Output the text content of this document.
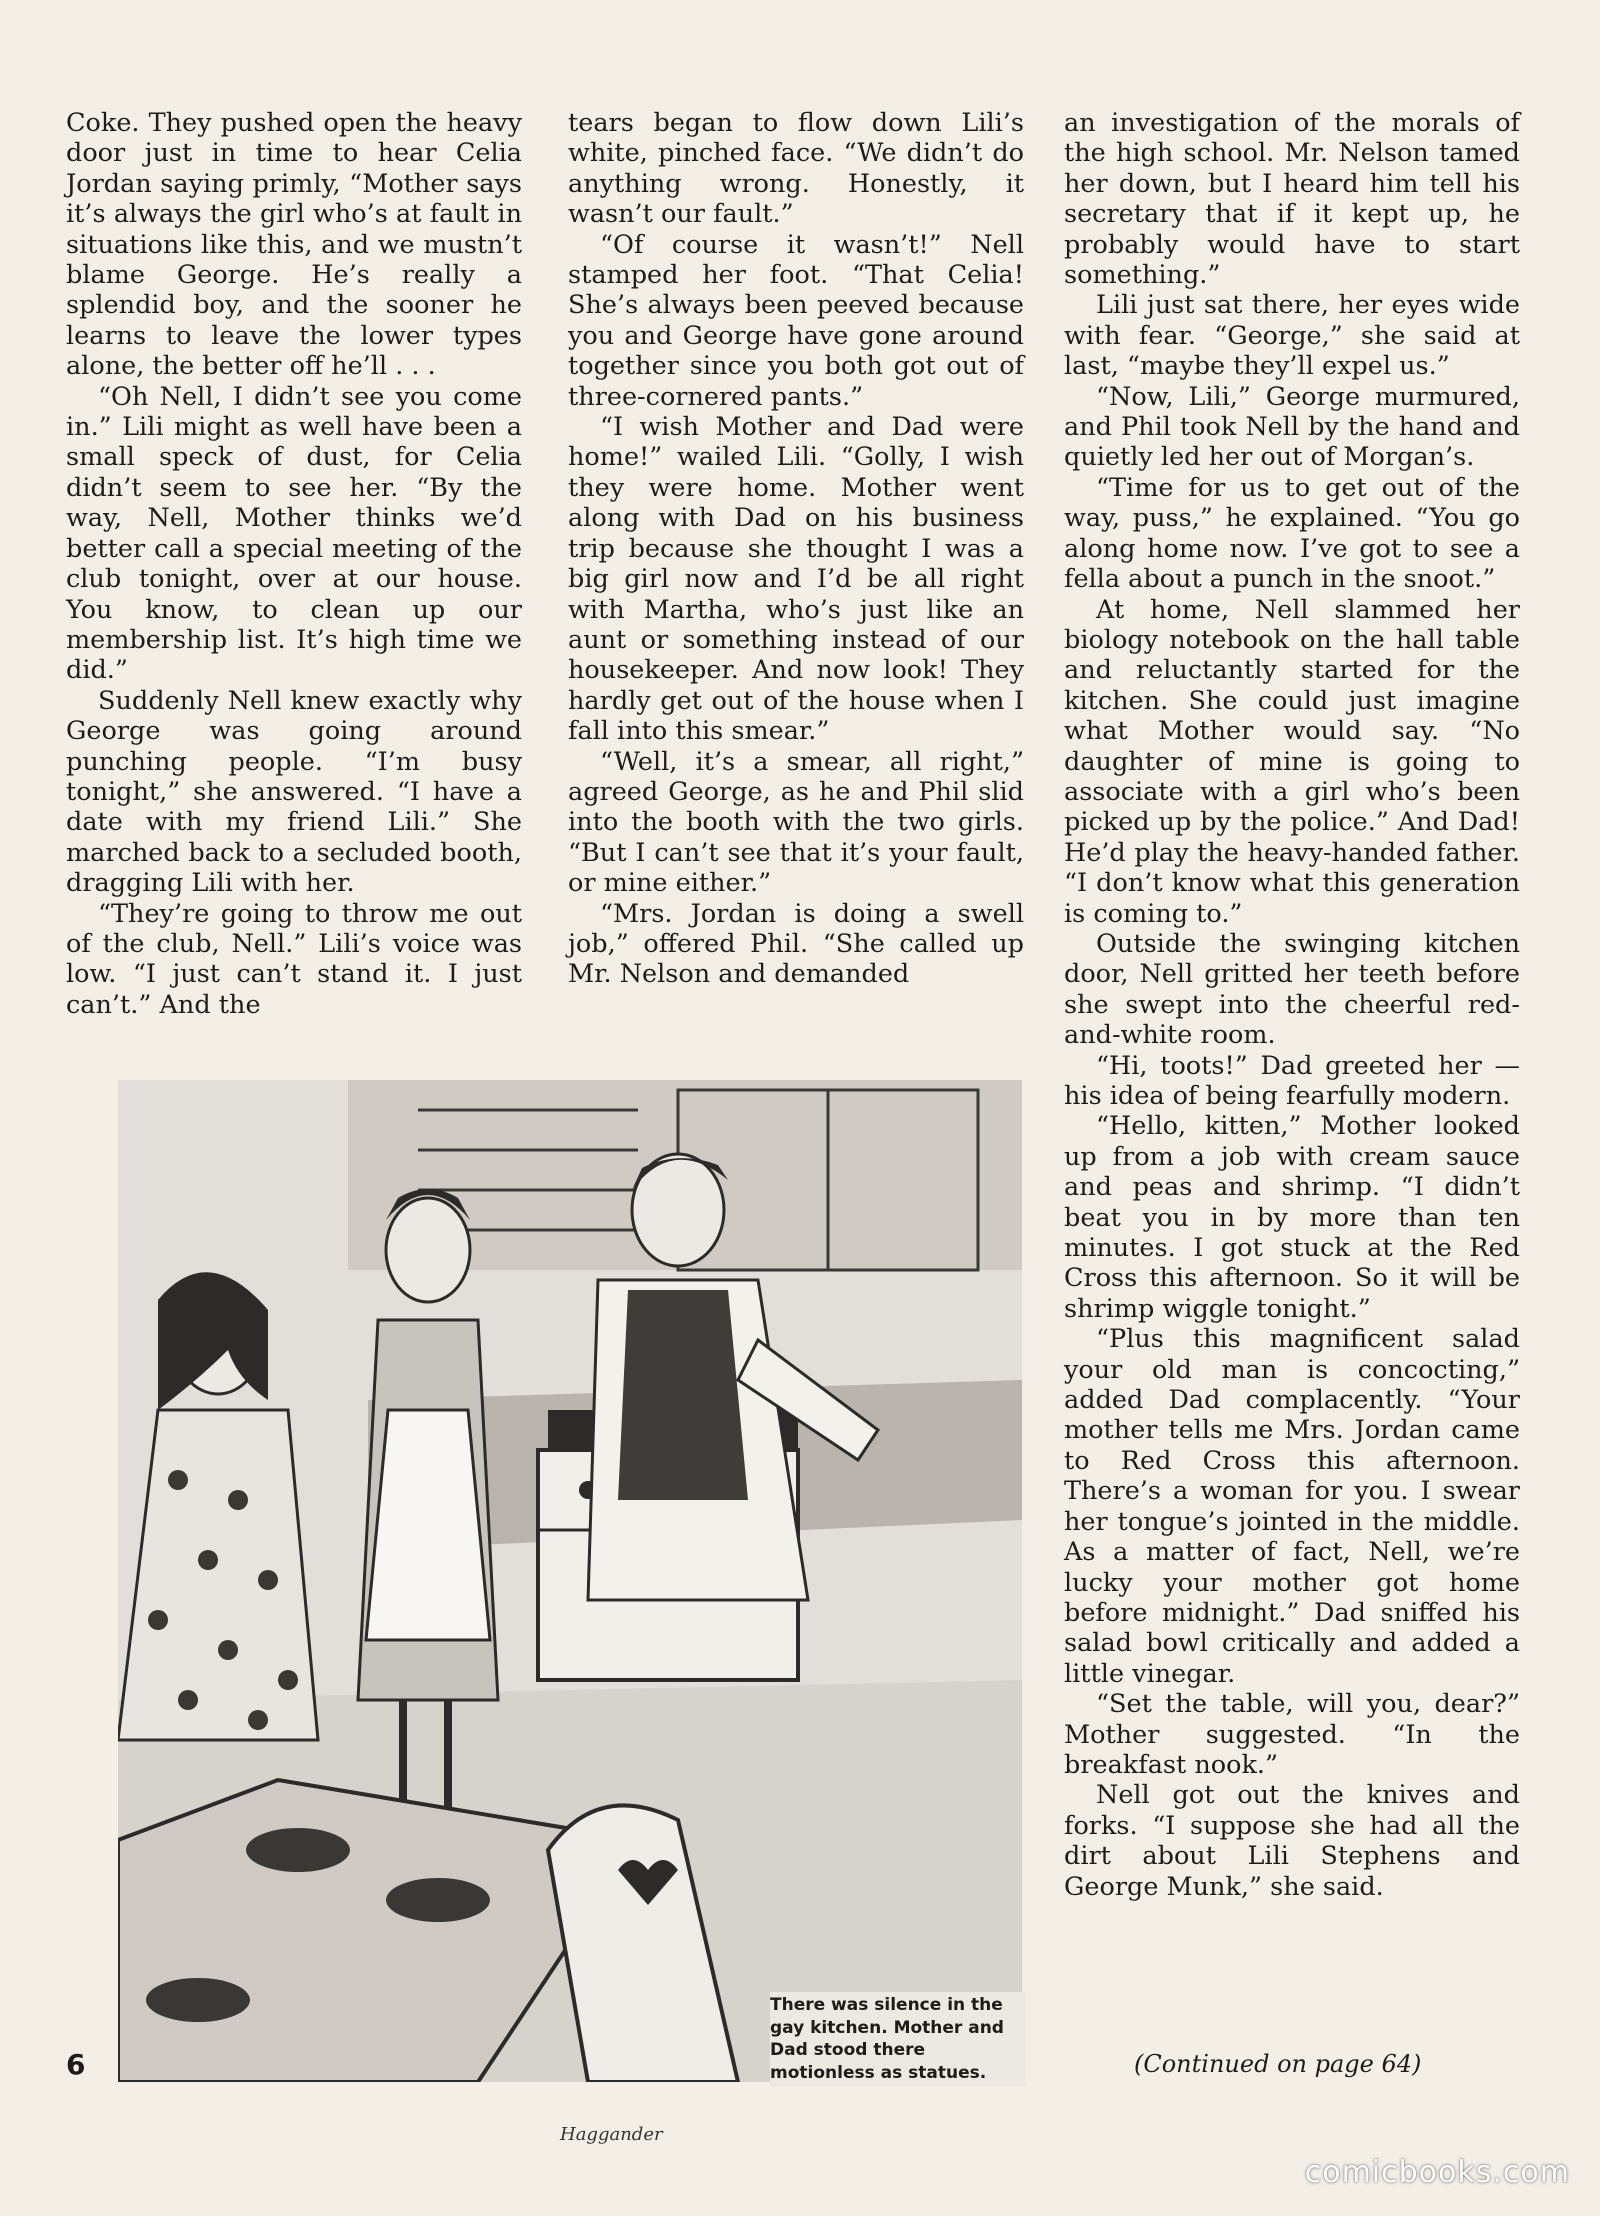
Coke. They pushed open the heavy door just in time to hear Celia Jordan saying primly, “Mother says it’s always the girl who’s at fault in situations like this, and we mustn’t blame George. He’s really a splendid boy, and the sooner he learns to leave the lower types alone, the better off he’ll . . .

“Oh Nell, I didn’t see you come in.” Lili might as well have been a small speck of dust, for Celia didn’t seem to see her. “By the way, Nell, Mother thinks we’d better call a special meeting of the club tonight, over at our house. You know, to clean up our membership list. It’s high time we did.”

Suddenly Nell knew exactly why George was going around punching people. “I’m busy tonight,” she answered. “I have a date with my friend Lili.” She marched back to a secluded booth, dragging Lili with her.

“They’re going to throw me out of the club, Nell.” Lili’s voice was low. “I just can’t stand it. I just can’t.” And the

tears began to flow down Lili’s white, pinched face. “We didn’t do anything wrong. Honestly, it wasn’t our fault.”

“Of course it wasn’t!” Nell stamped her foot. “That Celia! She’s always been peeved because you and George have gone around together since you both got out of three-cornered pants.”

“I wish Mother and Dad were home!” wailed Lili. “Golly, I wish they were home. Mother went along with Dad on his business trip because she thought I was a big girl now and I’d be all right with Martha, who’s just like an aunt or something instead of our housekeeper. And now look! They hardly get out of the house when I fall into this smear.”

“Well, it’s a smear, all right,” agreed George, as he and Phil slid into the booth with the two girls. “But I can’t see that it’s your fault, or mine either.”

“Mrs. Jordan is doing a swell job,” offered Phil. “She called up Mr. Nelson and demanded

an investigation of the morals of the high school. Mr. Nelson tamed her down, but I heard him tell his secretary that if it kept up, he probably would have to start something.”

Lili just sat there, her eyes wide with fear. “George,” she said at last, “maybe they’ll expel us.”

“Now, Lili,” George murmured, and Phil took Nell by the hand and quietly led her out of Morgan’s.

“Time for us to get out of the way, puss,” he explained. “You go along home now. I’ve got to see a fella about a punch in the snoot.”

At home, Nell slammed her biology notebook on the hall table and reluctantly started for the kitchen. She could just imagine what Mother would say. “No daughter of mine is going to associate with a girl who’s been picked up by the police.” And Dad! He’d play the heavy-handed father. “I don’t know what this generation is coming to.”

Outside the swinging kitchen door, Nell gritted her teeth before she swept into the cheerful red-and-white room.

“Hi, toots!” Dad greeted her —his idea of being fearfully modern.

“Hello, kitten,” Mother looked up from a job with cream sauce and peas and shrimp. “I didn’t beat you in by more than ten minutes. I got stuck at the Red Cross this afternoon. So it will be shrimp wiggle tonight.”

“Plus this magnificent salad your old man is concocting,” added Dad complacently. “Your mother tells me Mrs. Jordan came to Red Cross this afternoon. There’s a woman for you. I swear her tongue’s jointed in the middle. As a matter of fact, Nell, we’re lucky your mother got home before midnight.” Dad sniffed his salad bowl critically and added a little vinegar.

“Set the table, will you, dear?” Mother suggested. “In the breakfast nook.”

Nell got out the knives and forks. “I suppose she had all the dirt about Lili Stephens and George Munk,” she said.

There was silence in the gay kitchen. Mother and Dad stood there motionless as statues.
Haggander
6	(Continued on page 64)
comicbooks.com
